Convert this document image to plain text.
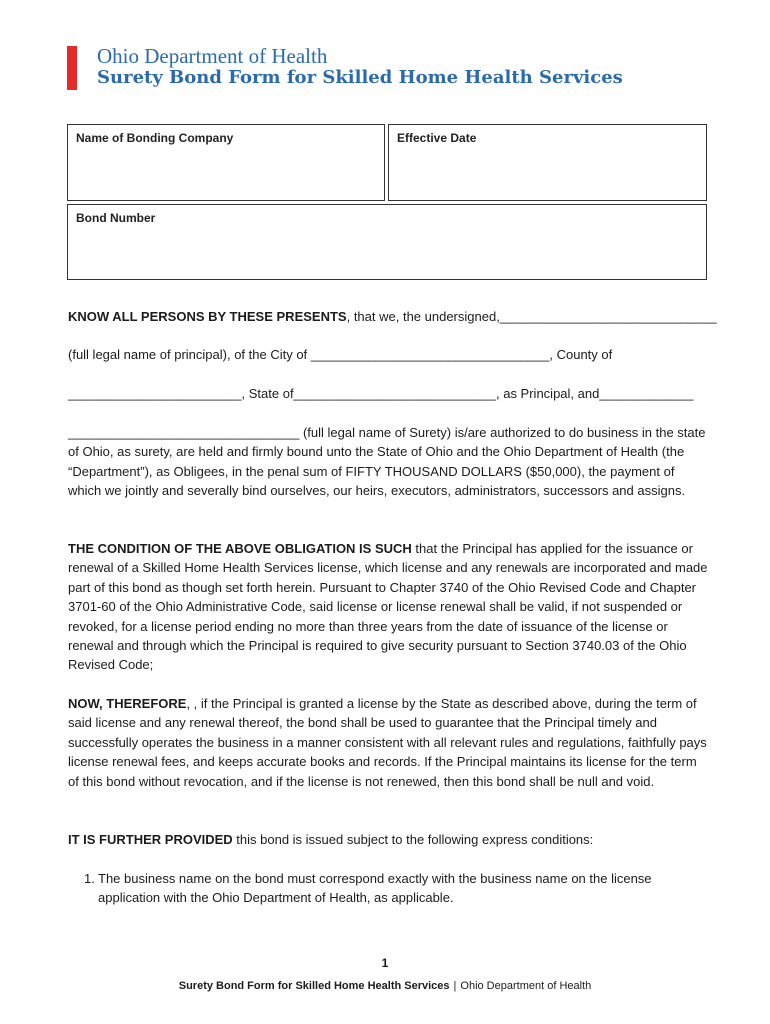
Ohio Department of Health
Surety Bond Form for Skilled Home Health Services
Name of Bonding Company	Effective Date
Bond Number
KNOW ALL PERSONS BY THESE PRESENTS, that we, the undersigned,______________________________
(full legal name of principal), of the City of _________________________________, County of
________________________, State of____________________________, as Principal, and_____________
________________________________ (full legal name of Surety) is/are authorized to do business in the state of Ohio, as surety, are held and firmly bound unto the State of Ohio and the Ohio Department of Health (the “Department”), as Obligees, in the penal sum of FIFTY THOUSAND DOLLARS ($50,000), the payment of which we jointly and severally bind ourselves, our heirs, executors, administrators, successors and assigns.
THE CONDITION OF THE ABOVE OBLIGATION IS SUCH that the Principal has applied for the issuance or renewal of a Skilled Home Health Services license, which license and any renewals are incorporated and made part of this bond as though set forth herein. Pursuant to Chapter 3740 of the Ohio Revised Code and Chapter 3701-60 of the Ohio Administrative Code, said license or license renewal shall be valid, if not suspended or revoked, for a license period ending no more than three years from the date of issuance of the license or renewal and through which the Principal is required to give security pursuant to Section 3740.03 of the Ohio Revised Code;
NOW, THEREFORE, , if the Principal is granted a license by the State as described above, during the term of said license and any renewal thereof, the bond shall be used to guarantee that the Principal timely and successfully operates the business in a manner consistent with all relevant rules and regulations, faithfully pays license renewal fees, and keeps accurate books and records. If the Principal maintains its license for the term of this bond without revocation, and if the license is not renewed, then this bond shall be null and void.
IT IS FURTHER PROVIDED this bond is issued subject to the following express conditions:
1. The business name on the bond must correspond exactly with the business name on the license application with the Ohio Department of Health, as applicable.
1
Surety Bond Form for Skilled Home Health Services | Ohio Department of Health
